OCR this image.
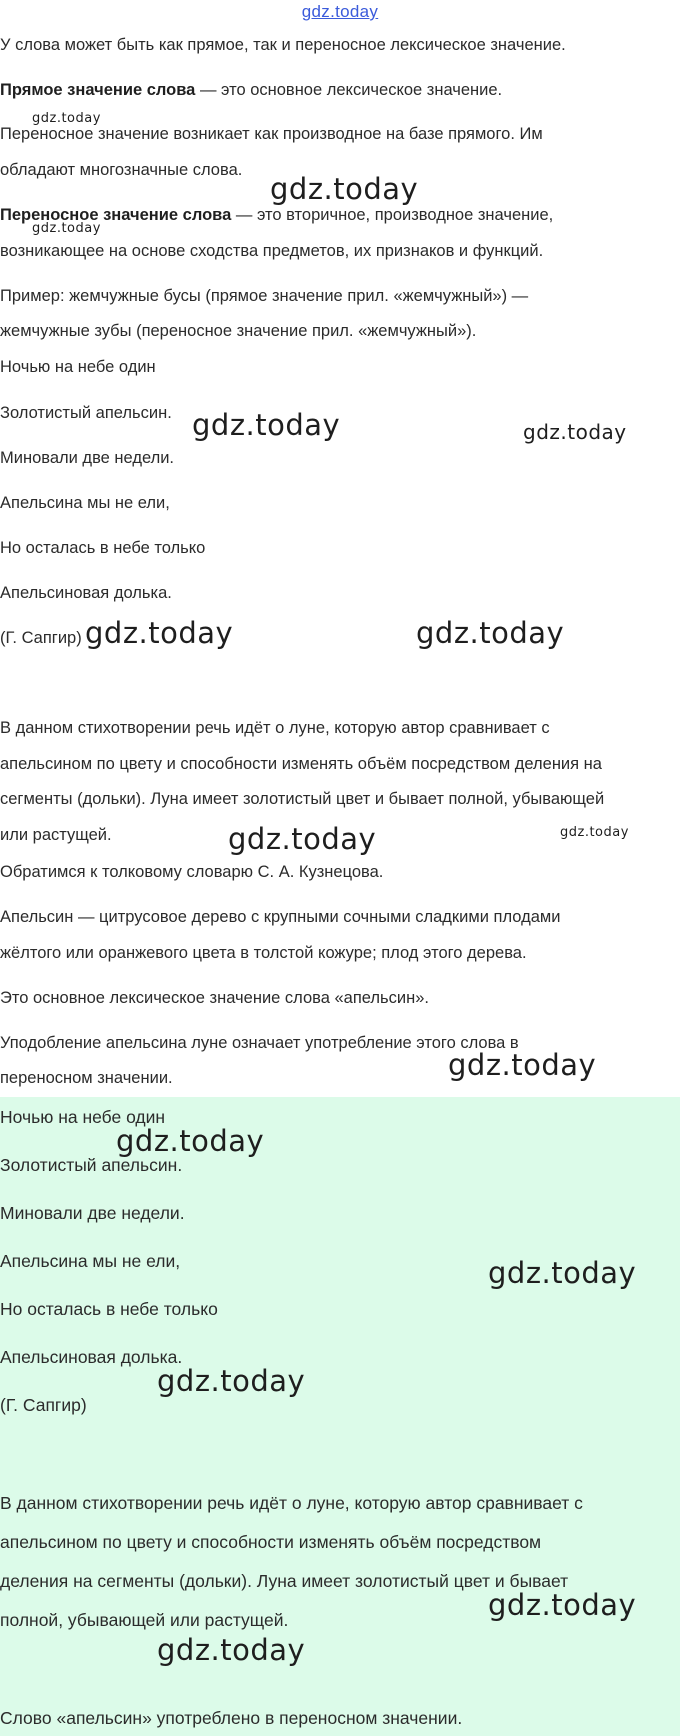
gdz.today
У слова может быть как прямое, так и переносное лексическое значение.
Прямое значение слова — это основное лексическое значение.
Переносное значение возникает как производное на базе прямого. Им
обладают многозначные слова.
Переносное значение слова — это вторичное, производное значение,
возникающее на основе сходства предметов, их признаков и функций.
Пример: жемчужные бусы (прямое значение прил. «жемчужный») —
жемчужные зубы (переносное значение прил. «жемчужный»).
Ночью на небе один
Золотистый апельсин.
Миновали две недели.
Апельсина мы не ели,
Но осталась в небе только
Апельсиновая долька.
(Г. Сапгир)
В данном стихотворении речь идёт о луне, которую автор сравнивает с
апельсином по цвету и способности изменять объём посредством деления на
сегменты (дольки). Луна имеет золотистый цвет и бывает полной, убывающей
или растущей.
Обратимся к толковому словарю С. А. Кузнецова.
Апельсин — цитрусовое дерево с крупными сочными сладкими плодами
жёлтого или оранжевого цвета в толстой кожуре; плод этого дерева.
Это основное лексическое значение слова «апельсин».
Уподобление апельсина луне означает употребление этого слова в
переносном значении.
Ночью на небе один
Золотистый апельсин.
Миновали две недели.
Апельсина мы не ели,
Но осталась в небе только
Апельсиновая долька.
(Г. Сапгир)
В данном стихотворении речь идёт о луне, которую автор сравнивает с
апельсином по цвету и способности изменять объём посредством
деления на сегменты (дольки). Луна имеет золотистый цвет и бывает
полной, убывающей или растущей.
Слово «апельсин» употреблено в переносном значении.
gdz.today
gdz.today
gdz.today
gdz.today	gdz.today
gdz.today	gdz.today
gdz.today	gdz.today
gdz.today
gdz.today
gdz.today
gdz.today
gdz.today
gdz.today
